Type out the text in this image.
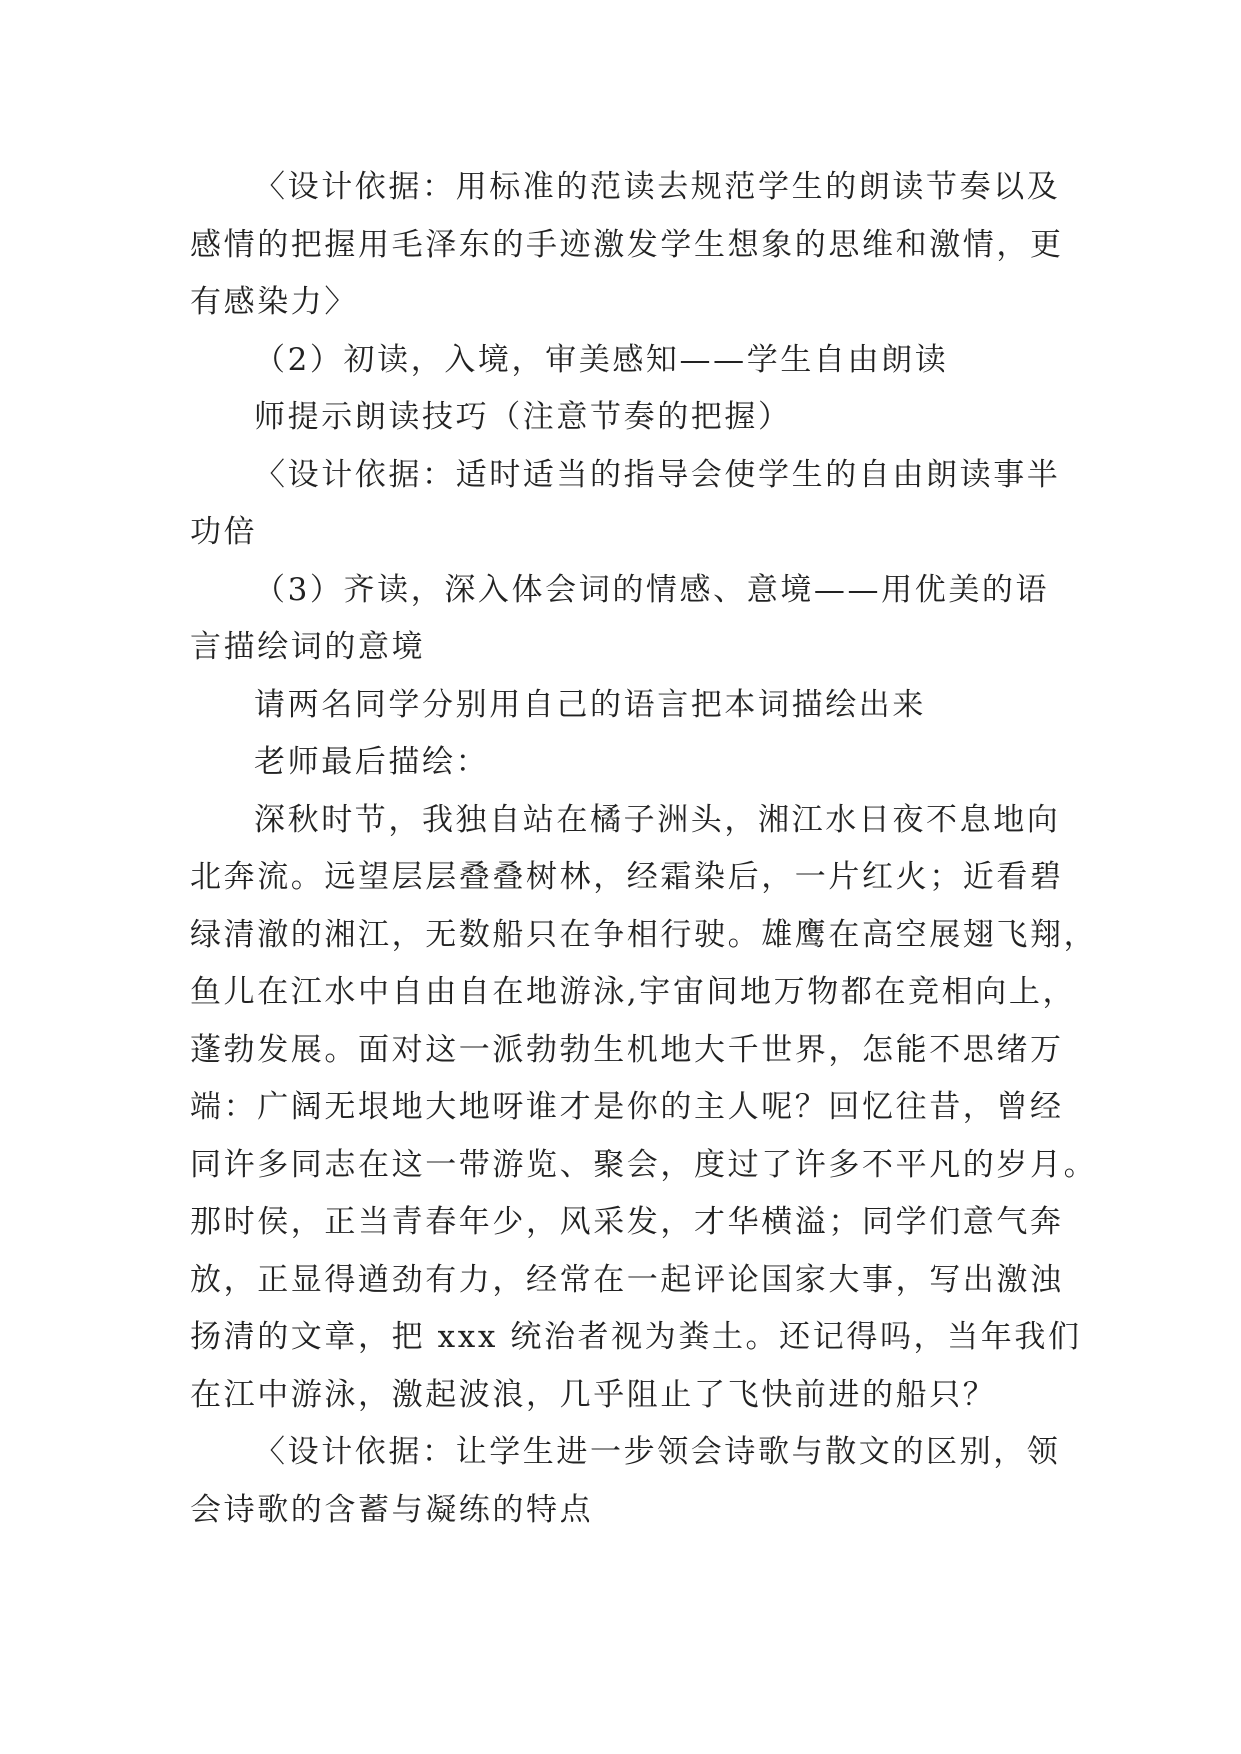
〈设计依据：用标准的范读去规范学生的朗读节奏以及
感情的把握用毛泽东的手迹激发学生想象的思维和激情，更
有感染力〉
（2）初读，入境，审美感知——学生自由朗读
师提示朗读技巧（注意节奏的把握）
〈设计依据：适时适当的指导会使学生的自由朗读事半
功倍
（3）齐读，深入体会词的情感、意境——用优美的语
言描绘词的意境
请两名同学分别用自己的语言把本词描绘出来
老师最后描绘：
深秋时节，我独自站在橘子洲头，湘江水日夜不息地向
北奔流。远望层层叠叠树林，经霜染后，一片红火；近看碧
绿清澈的湘江，无数船只在争相行驶。雄鹰在高空展翅飞翔，
鱼儿在江水中自由自在地游泳,宇宙间地万物都在竞相向上，
蓬勃发展。面对这一派勃勃生机地大千世界，怎能不思绪万
端：广阔无垠地大地呀谁才是你的主人呢？回忆往昔，曾经
同许多同志在这一带游览、聚会，度过了许多不平凡的岁月。
那时侯，正当青春年少，风采发，才华横溢；同学们意气奔
放，正显得遒劲有力，经常在一起评论国家大事，写出激浊
扬清的文章，把 xxx 统治者视为粪土。还记得吗，当年我们
在江中游泳，激起波浪，几乎阻止了飞快前进的船只？
〈设计依据：让学生进一步领会诗歌与散文的区别，领
会诗歌的含蓄与凝练的特点
